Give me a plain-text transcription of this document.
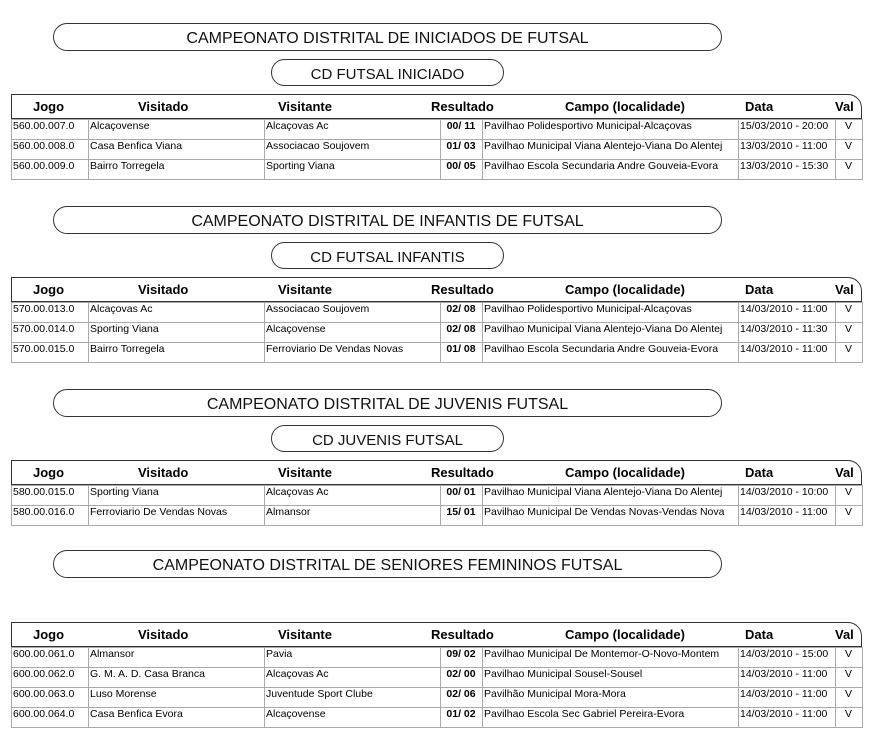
CAMPEONATO DISTRITAL DE INICIADOS DE FUTSAL
CD FUTSAL INICIADO
Jogo	Visitado	Visitante	Resultado	Campo (localidade)	Data	Val
560.00.007.0	Alcaçovense	Alcaçovas Ac	00/ 11	Pavilhao Polidesportivo Municipal-Alcaçovas	15/03/2010 - 20:00	V
560.00.008.0	Casa Benfica Viana	Associacao Soujovem	01/ 03	Pavilhao Municipal Viana Alentejo-Viana Do Alentej	13/03/2010 - 11:00	V
560.00.009.0	Bairro Torregela	Sporting Viana	00/ 05	Pavilhao Escola Secundaria Andre Gouveia-Evora	13/03/2010 - 15:30	V
CAMPEONATO DISTRITAL DE INFANTIS DE FUTSAL
CD FUTSAL INFANTIS
Jogo	Visitado	Visitante	Resultado	Campo (localidade)	Data	Val
570.00.013.0	Alcaçovas Ac	Associacao Soujovem	02/ 08	Pavilhao Polidesportivo Municipal-Alcaçovas	14/03/2010 - 11:00	V
570.00.014.0	Sporting Viana	Alcaçovense	02/ 08	Pavilhao Municipal Viana Alentejo-Viana Do Alentej	14/03/2010 - 11:30	V
570.00.015.0	Bairro Torregela	Ferroviario De Vendas Novas	01/ 08	Pavilhao Escola Secundaria Andre Gouveia-Evora	14/03/2010 - 11:00	V
CAMPEONATO DISTRITAL DE JUVENIS FUTSAL
CD JUVENIS FUTSAL
Jogo	Visitado	Visitante	Resultado	Campo (localidade)	Data	Val
580.00.015.0	Sporting Viana	Alcaçovas Ac	00/ 01	Pavilhao Municipal Viana Alentejo-Viana Do Alentej	14/03/2010 - 10:00	V
580.00.016.0	Ferroviario De Vendas Novas	Almansor	15/ 01	Pavilhao Municipal De Vendas Novas-Vendas Nova	14/03/2010 - 11:00	V
CAMPEONATO DISTRITAL DE SENIORES FEMININOS FUTSAL
Jogo	Visitado	Visitante	Resultado	Campo (localidade)	Data	Val
600.00.061.0	Almansor	Pavia	09/ 02	Pavilhao Municipal De Montemor-O-Novo-Montem	14/03/2010 - 15:00	V
600.00.062.0	G. M. A. D. Casa Branca	Alcaçovas Ac	02/ 00	Pavilhao Municipal Sousel-Sousel	14/03/2010 - 11:00	V
600.00.063.0	Luso Morense	Juventude Sport Clube	02/ 06	Pavilhão Municipal Mora-Mora	14/03/2010 - 11:00	V
600.00.064.0	Casa Benfica Evora	Alcaçovense	01/ 02	Pavilhao Escola Sec Gabriel Pereira-Evora	14/03/2010 - 11:00	V
